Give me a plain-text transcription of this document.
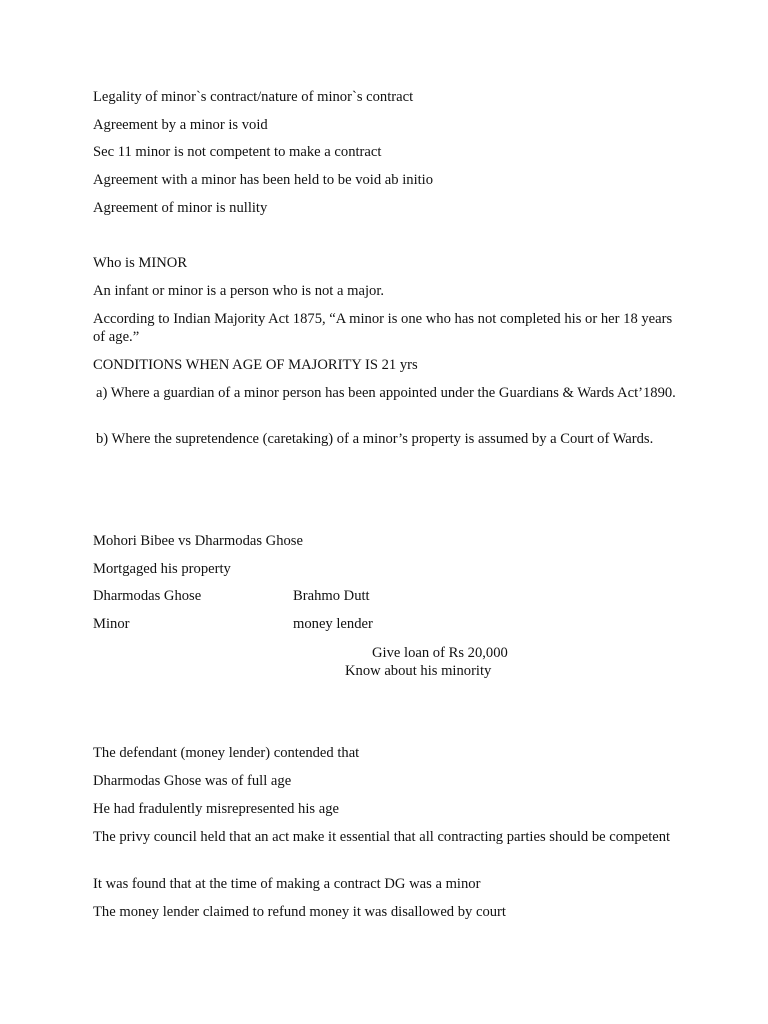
Legality of minor`s contract/nature of minor`s contract

Agreement by a minor is void

Sec 11 minor is not competent to make a contract

Agreement with a minor has been held to be void ab initio

Agreement of minor is nullity

Who is MINOR

An infant or minor is a person who is not a major.

According to Indian Majority Act 1875, “A minor is one who has not completed his or her 18 years of age.”

CONDITIONS WHEN AGE OF MAJORITY IS 21 yrs

a) Where a guardian of a minor person has been appointed under the Guardians & Wards Act’1890.

b) Where the supretendence (caretaking) of a minor’s property is assumed by a Court of Wards.

Mohori Bibee vs Dharmodas Ghose

Mortgaged his property

Dharmodas Ghose	Brahmo Dutt

Minor	money lender

Give loan of Rs 20,000

Know about his minority

The defendant (money lender) contended that

Dharmodas Ghose was of full age

He had fradulently misrepresented his age

The privy council held that an act make it essential that all contracting parties should be competent

It was found that at the time of making a contract DG was a minor

The money lender claimed to refund money it was disallowed by court
